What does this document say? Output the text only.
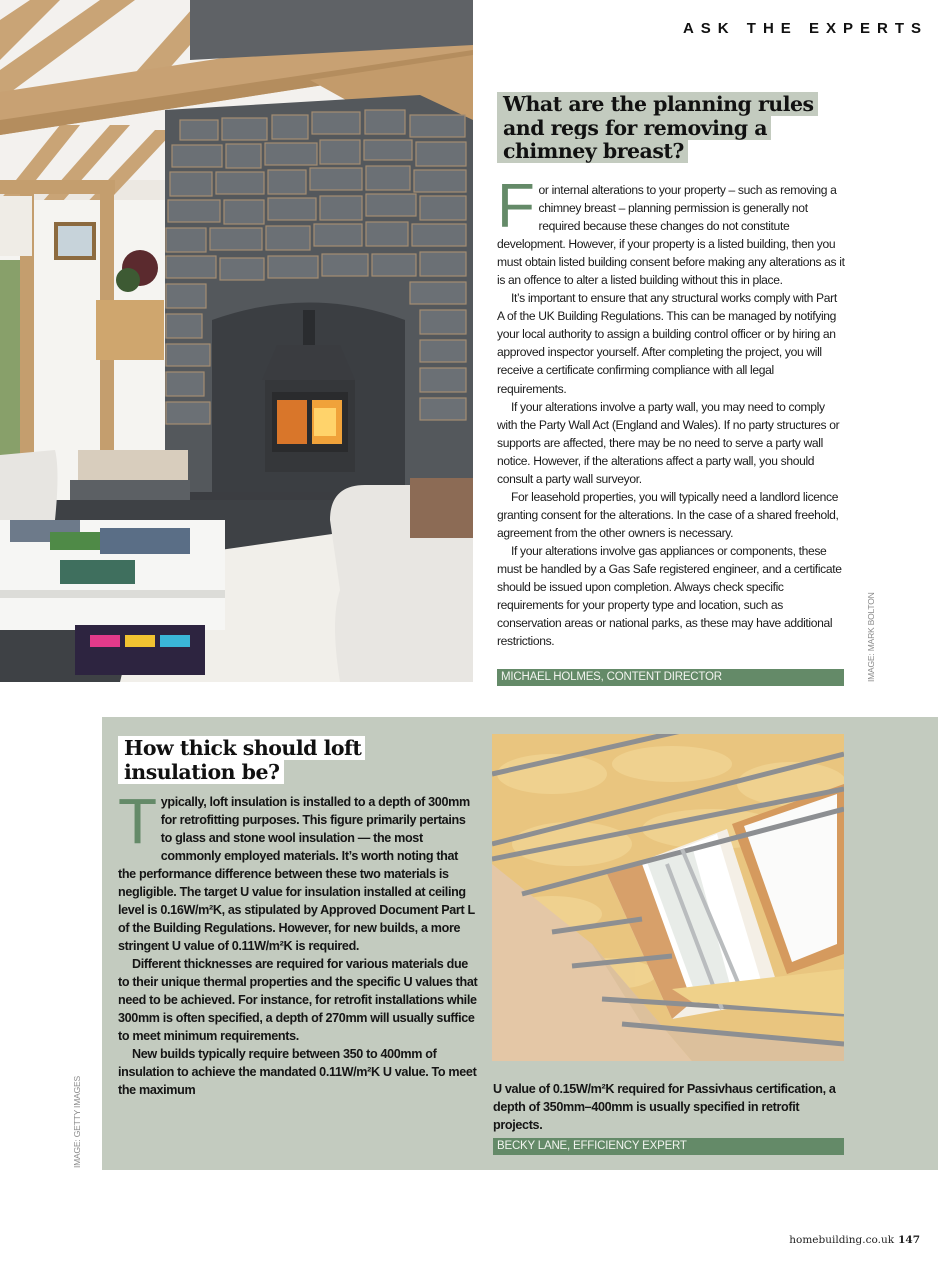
ASK THE EXPERTS
What are the planning rules
and regs for removing a
chimney breast?

For internal alterations to your property – such as removing a chimney breast – planning permission is generally not required because these changes do not constitute development. However, if your property is a listed building, then you must obtain listed building consent before making any alterations as it is an offence to alter a listed building without this in place.

It’s important to ensure that any structural works comply with Part A of the UK Building Regulations. This can be managed by notifying your local authority to assign a building control officer or by hiring an approved inspector yourself. After completing the project, you will receive a certificate confirming compliance with all legal requirements.

If your alterations involve a party wall, you may need to comply with the Party Wall Act (England and Wales). If no party structures or supports are affected, there may be no need to serve a party wall notice. However, if the alterations affect a party wall, you should consult a party wall surveyor.

For leasehold properties, you will typically need a landlord licence granting consent for the alterations. In the case of a shared freehold, agreement from the other owners is necessary.

If your alterations involve gas appliances or components, these must be handled by a Gas Safe registered engineer, and a certificate should be issued upon completion. Always check specific requirements for your property type and location, such as conservation areas or national parks, as these may have additional restrictions.

MICHAEL HOLMES, CONTENT DIRECTOR	IMAGE: MARK BOLTON
How thick should loft
insulation be?

Typically, loft insulation is installed to a depth of 300mm for retrofitting purposes. This figure primarily pertains to glass and stone wool insulation — the most commonly employed materials. It’s worth noting that the performance difference between these two materials is negligible. The target U value for insulation installed at ceiling level is 0.16W/m²K, as stipulated by Approved Document Part L of the Building Regulations. However, for new builds, a more stringent U value of 0.11W/m²K is required.

Different thicknesses are required for various materials due to their unique thermal properties and the specific U values that need to be achieved. For instance, for retrofit installations while 300mm is often specified, a depth of 270mm will usually suffice to meet minimum requirements.

New builds typically require between 350 to 400mm of insulation to achieve the mandated 0.11W/m²K U value. To meet the maximum	U value of 0.15W/m²K required for Passivhaus certification, a depth of 350mm–400mm is usually specified in retrofit projects.
BECKY LANE, EFFICIENCY EXPERT
IMAGE: GETTY IMAGES
homebuilding.co.uk 147
